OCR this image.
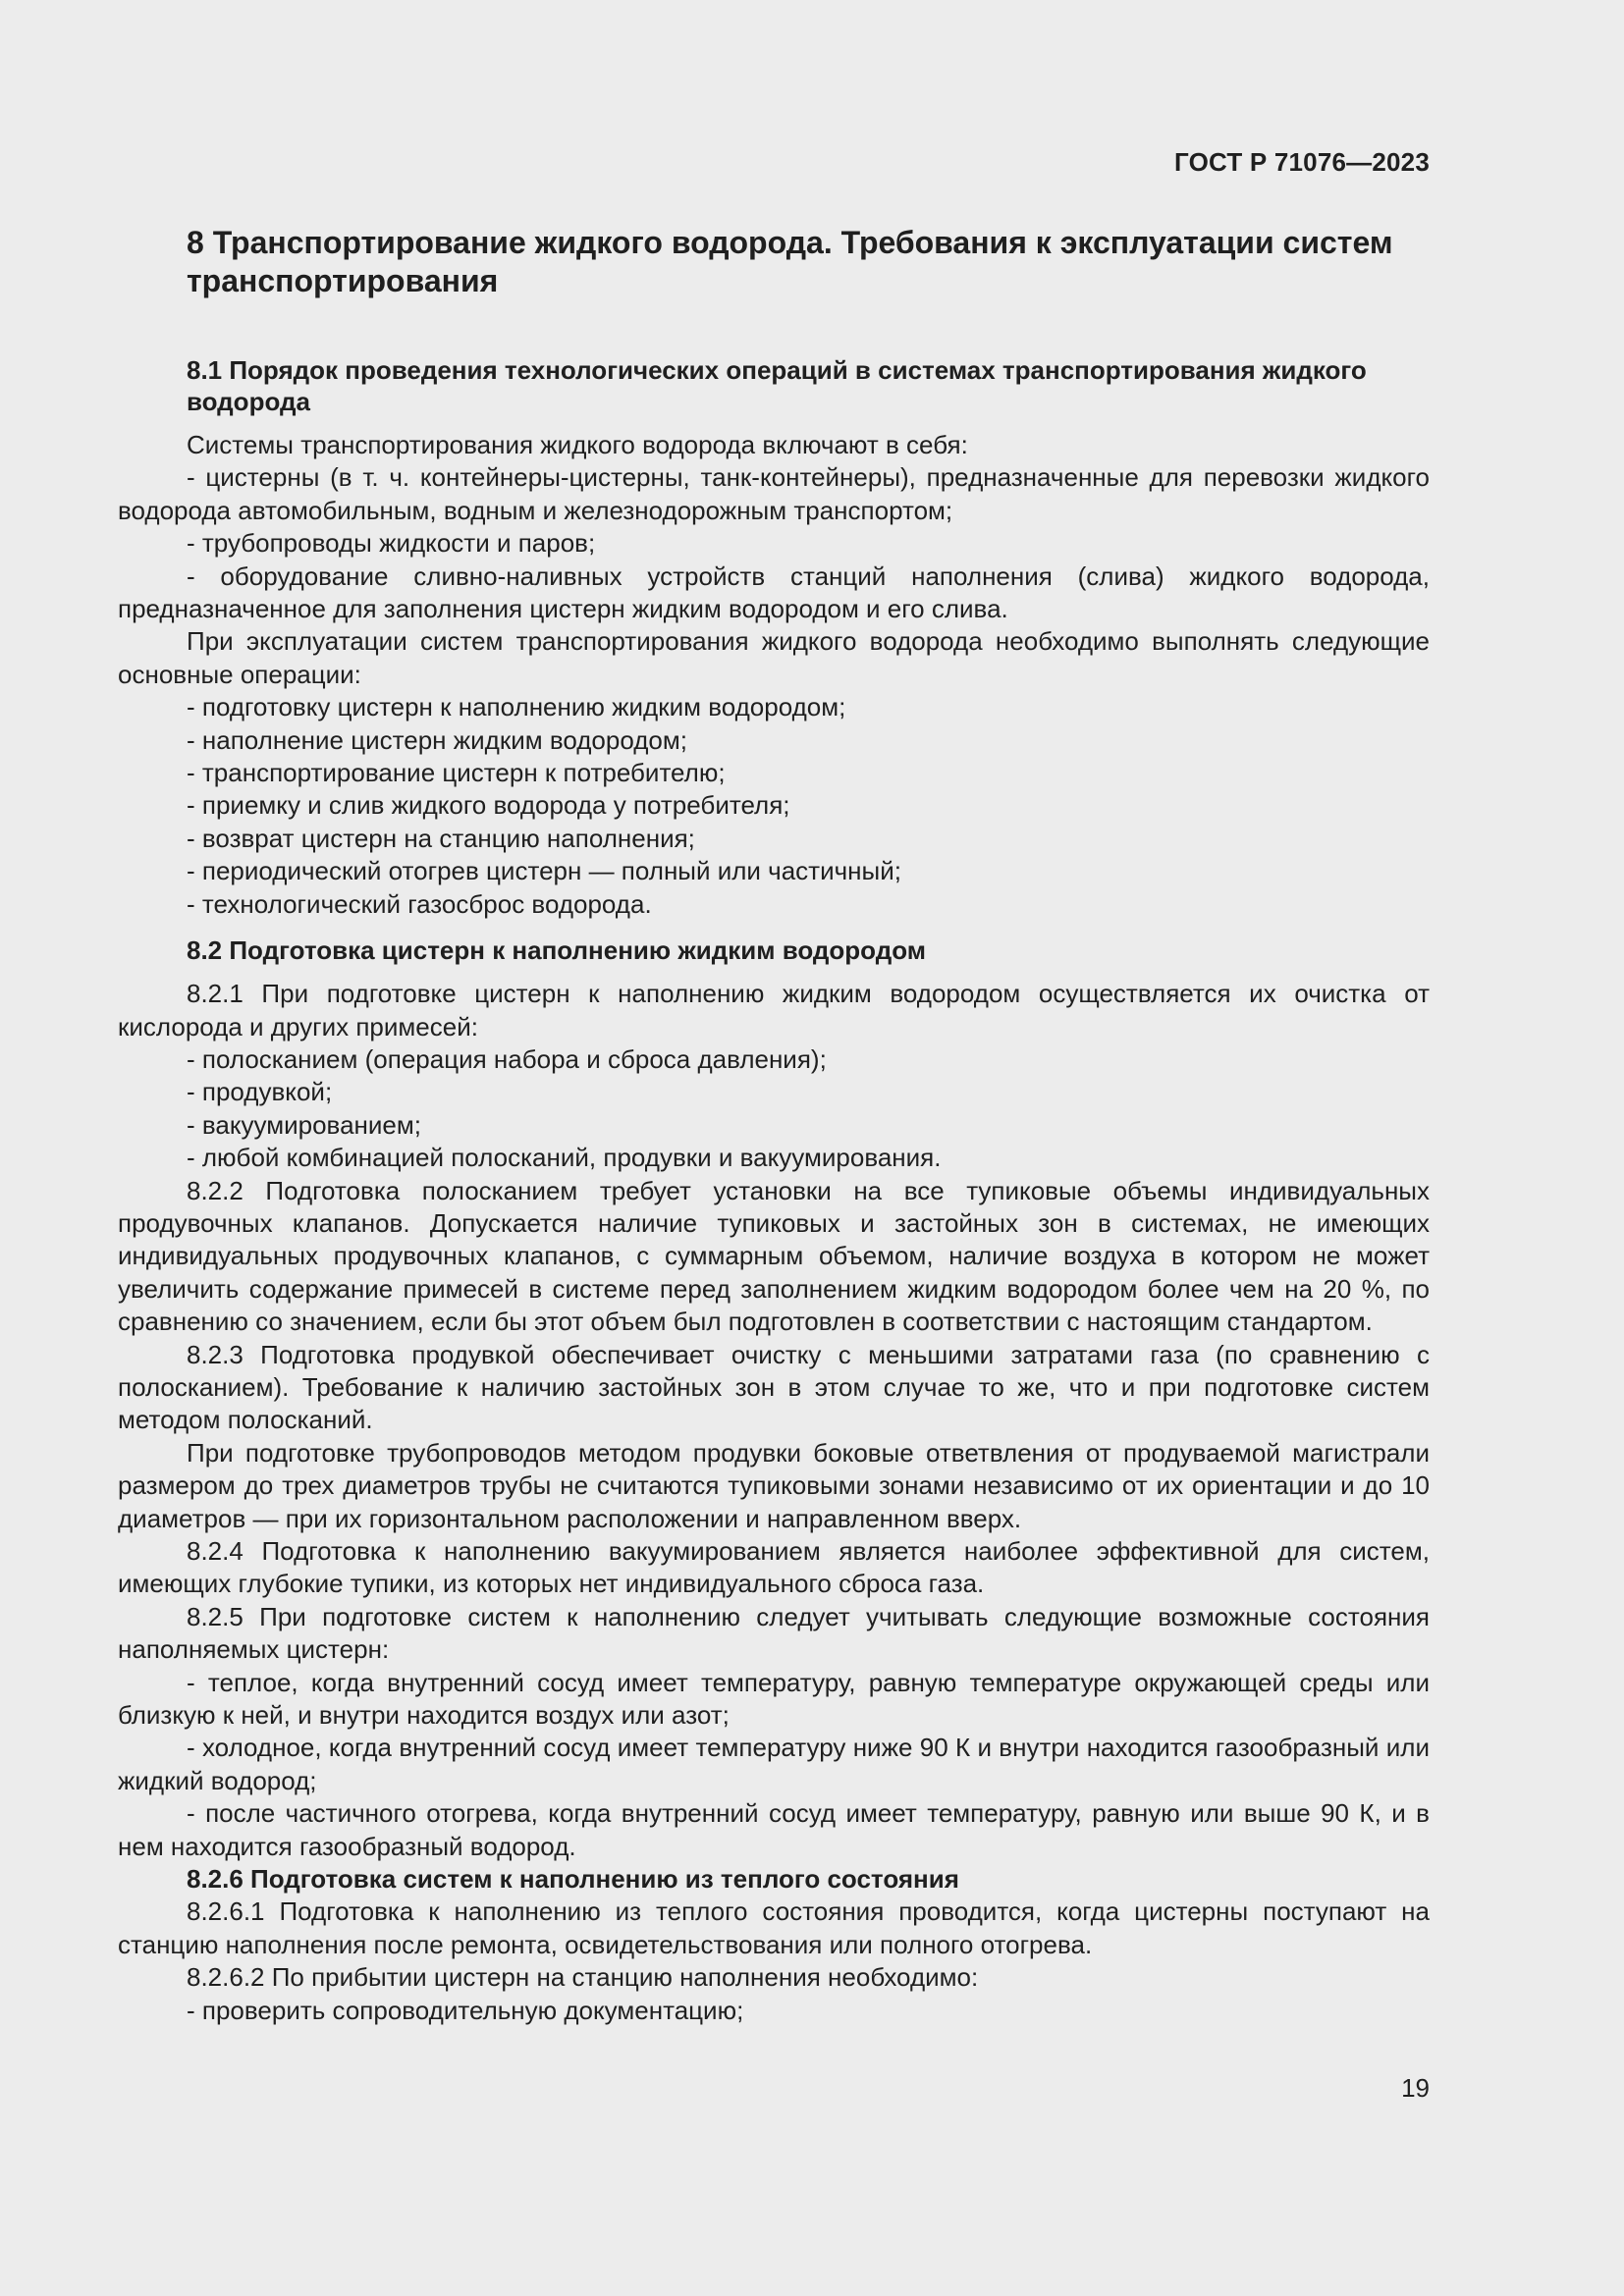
ГОСТ Р 71076—2023
8 Транспортирование жидкого водорода. Требования к эксплуатации систем транспортирования
8.1 Порядок проведения технологических операций в системах транспортирования жидкого водорода

Системы транспортирования жидкого водорода включают в себя:

- цистерны (в т. ч. контейнеры-цистерны, танк-контейнеры), предназначенные для перевозки жидкого водорода автомобильным, водным и железнодорожным транспортом;

- трубопроводы жидкости и паров;

- оборудование сливно-наливных устройств станций наполнения (слива) жидкого водорода, предназначенное для заполнения цистерн жидким водородом и его слива.

При эксплуатации систем транспортирования жидкого водорода необходимо выполнять следующие основные операции:

- подготовку цистерн к наполнению жидким водородом;

- наполнение цистерн жидким водородом;

- транспортирование цистерн к потребителю;

- приемку и слив жидкого водорода у потребителя;

- возврат цистерн на станцию наполнения;

- периодический отогрев цистерн — полный или частичный;

- технологический газосброс водорода.

8.2 Подготовка цистерн к наполнению жидким водородом

8.2.1 При подготовке цистерн к наполнению жидким водородом осуществляется их очистка от кислорода и других примесей:

- полосканием (операция набора и сброса давления);

- продувкой;

- вакуумированием;

- любой комбинацией полосканий, продувки и вакуумирования.

8.2.2 Подготовка полосканием требует установки на все тупиковые объемы индивидуальных продувочных клапанов. Допускается наличие тупиковых и застойных зон в системах, не имеющих индивидуальных продувочных клапанов, с суммарным объемом, наличие воздуха в котором не может увеличить содержание примесей в системе перед заполнением жидким водородом более чем на 20 %, по сравнению со значением, если бы этот объем был подготовлен в соответствии с настоящим стандартом.

8.2.3 Подготовка продувкой обеспечивает очистку с меньшими затратами газа (по сравнению с полосканием). Требование к наличию застойных зон в этом случае то же, что и при подготовке систем методом полосканий.

При подготовке трубопроводов методом продувки боковые ответвления от продуваемой магистрали размером до трех диаметров трубы не считаются тупиковыми зонами независимо от их ориентации и до 10 диаметров — при их горизонтальном расположении и направленном вверх.

8.2.4 Подготовка к наполнению вакуумированием является наиболее эффективной для систем, имеющих глубокие тупики, из которых нет индивидуального сброса газа.

8.2.5 При подготовке систем к наполнению следует учитывать следующие возможные состояния наполняемых цистерн:

- теплое, когда внутренний сосуд имеет температуру, равную температуре окружающей среды или близкую к ней, и внутри находится воздух или азот;

- холодное, когда внутренний сосуд имеет температуру ниже 90 К и внутри находится газообразный или жидкий водород;

- после частичного отогрева, когда внутренний сосуд имеет температуру, равную или выше 90 К, и в нем находится газообразный водород.

8.2.6 Подготовка систем к наполнению из теплого состояния

8.2.6.1 Подготовка к наполнению из теплого состояния проводится, когда цистерны поступают на станцию наполнения после ремонта, освидетельствования или полного отогрева.

8.2.6.2 По прибытии цистерн на станцию наполнения необходимо:

- проверить сопроводительную документацию;

19
